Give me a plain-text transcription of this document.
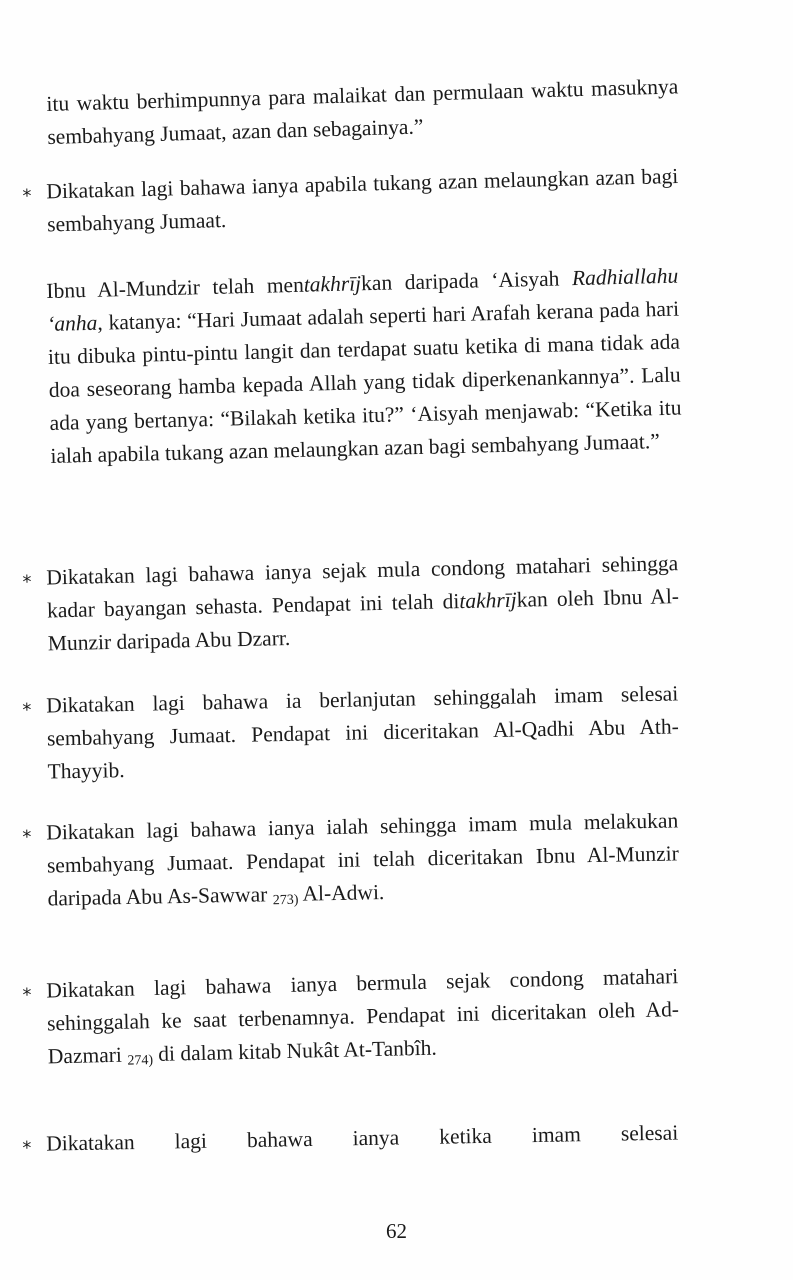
itu waktu berhimpunnya para malaikat dan permulaan waktu masuknya sembahyang Jumaat, azan dan sebagainya.”
* Dikatakan lagi bahawa ianya apabila tukang azan melaungkan azan bagi sembahyang Jumaat.
Ibnu Al-Mundzir telah mentakhrījkan daripada ‘Aisyah Radhiallahu ‘anha, katanya: “Hari Jumaat adalah seperti hari Arafah kerana pada hari itu dibuka pintu-pintu langit dan terdapat suatu ketika di mana tidak ada doa seseorang hamba kepada Allah yang tidak diperkenankannya”. Lalu ada yang bertanya: “Bilakah ketika itu?” ‘Aisyah menjawab: “Ketika itu ialah apabila tukang azan melaungkan azan bagi sembahyang Jumaat.”
* Dikatakan lagi bahawa ianya sejak mula condong matahari sehingga kadar bayangan sehasta. Pendapat ini telah ditakhrījkan oleh Ibnu Al-Munzir daripada Abu Dzarr.
* Dikatakan lagi bahawa ia berlanjutan sehinggalah imam selesai sembahyang Jumaat. Pendapat ini diceritakan Al-Qadhi Abu Ath-Thayyib.
* Dikatakan lagi bahawa ianya ialah sehingga imam mula melakukan sembahyang Jumaat. Pendapat ini telah diceritakan Ibnu Al-Munzir daripada Abu As-Sawwar $_{273)}$ Al-Adwi.
* Dikatakan lagi bahawa ianya bermula sejak condong matahari sehinggalah ke saat terbenamnya. Pendapat ini diceritakan oleh Ad-Dazmari $_{274)}$ di dalam kitab Nukât At-Tanbîh.
* Dikatakan lagi bahawa ianya ketika imam selesai
62
